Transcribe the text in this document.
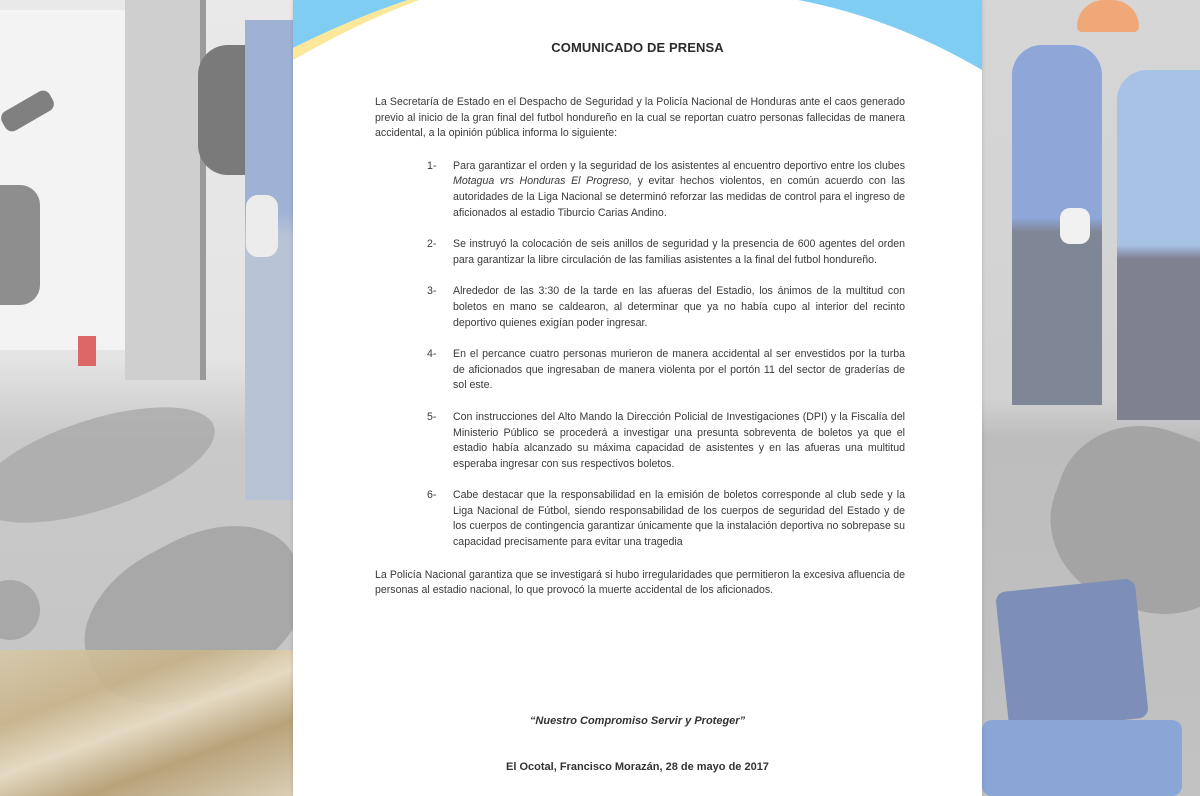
COMUNICADO DE PRENSA

La Secretaría de Estado en el Despacho de Seguridad y la Policía Nacional de Honduras ante el caos generado previo al inicio de la gran final del futbol hondureño en la cual se reportan cuatro personas fallecidas de manera accidental, a la opinión pública informa lo siguiente:

1- Para garantizar el orden y la seguridad de los asistentes al encuentro deportivo entre los clubes Motagua vrs Honduras El Progreso, y evitar hechos violentos, en común acuerdo con las autoridades de la Liga Nacional se determinó reforzar las medidas de control para el ingreso de aficionados al estadio Tiburcio Carias Andino.
2- Se instruyó la colocación de seis anillos de seguridad y la presencia de 600 agentes del orden para garantizar la libre circulación de las familias asistentes a la final del futbol hondureño.
3- Alrededor de las 3:30 de la tarde en las afueras del Estadio, los ánimos de la multitud con boletos en mano se caldearon, al determinar que ya no había cupo al interior del recinto deportivo quienes exigían poder ingresar.
4- En el percance cuatro personas murieron de manera accidental al ser envestidos por la turba de aficionados que ingresaban de manera violenta por el portón 11 del sector de graderías de sol este.
5- Con instrucciones del Alto Mando la Dirección Policial de Investigaciones (DPI) y la Fiscalía del Ministerio Público se procederá a investigar una presunta sobreventa de boletos ya que el estadio había alcanzado su máxima capacidad de asistentes y en las afueras una multitud esperaba ingresar con sus respectivos boletos.
6- Cabe destacar que la responsabilidad en la emisión de boletos corresponde al club sede y la Liga Nacional de Fútbol, siendo responsabilidad de los cuerpos de seguridad del Estado y de los cuerpos de contingencia garantizar únicamente que la instalación deportiva no sobrepase su capacidad precisamente para evitar una tragedia

La Policía Nacional garantiza que se investigará si hubo irregularidades que permitieron la excesiva afluencia de personas al estadio nacional, lo que provocó la muerte accidental de los aficionados.

“Nuestro Compromiso Servir y Proteger”
El Ocotal, Francisco Morazán, 28 de mayo de 2017
